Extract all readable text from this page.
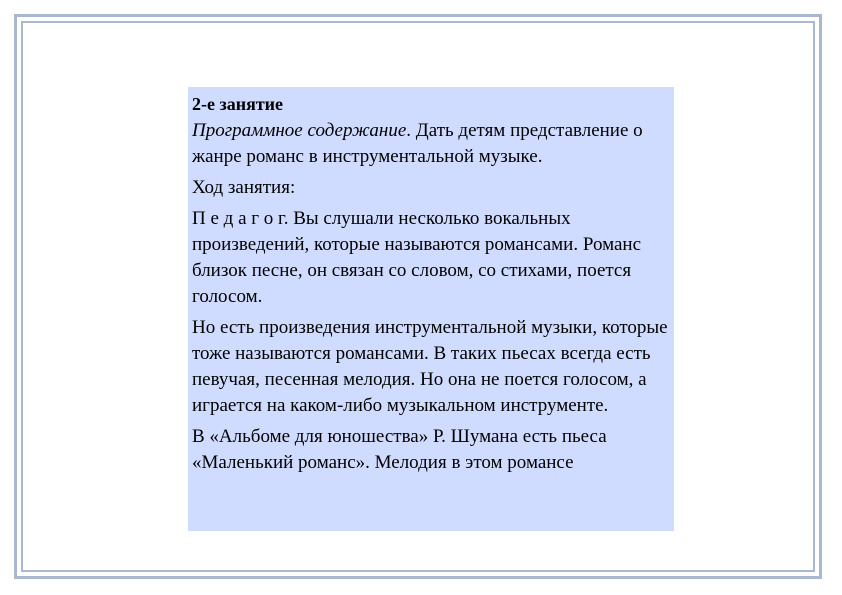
2-е занятие

Программное содержание. Дать детям представление о жанре романс в инструментальной музыке.

Ход занятия:

П е д а г о г. Вы слушали несколько вокальных произведений, которые называются романсами. Романс близок песне, он связан со словом, со стихами, поется голосом.

Но есть произведения инструментальной музыки, которые тоже называются романсами. В таких пьесах всегда есть певучая, песенная мелодия. Но она не поется голосом, а играется на каком-либо музыкальном инструменте.

В «Альбоме для юношества» Р. Шумана есть пьеса «Маленький романс». Мелодия в этом романсе
